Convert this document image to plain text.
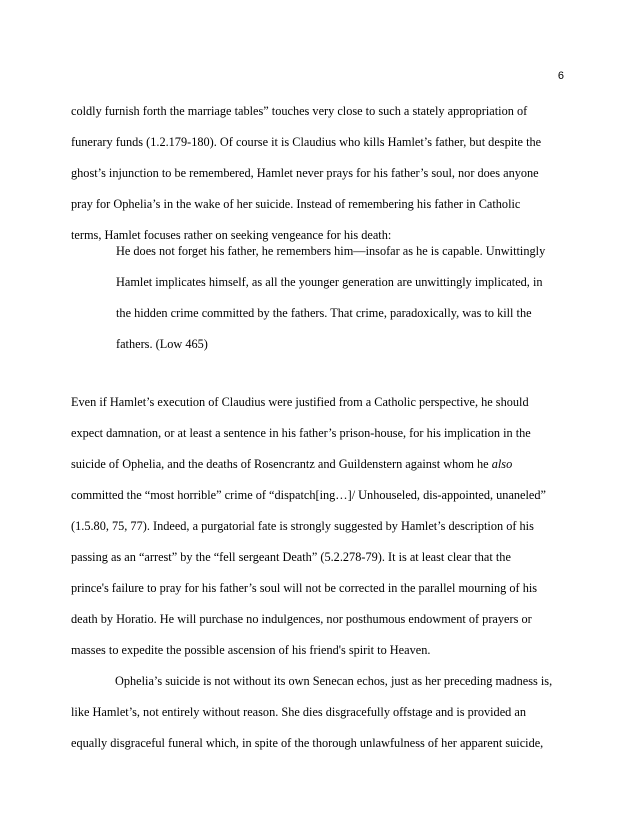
6
coldly furnish forth the marriage tables” touches very close to such a stately appropriation of
funerary funds (1.2.179-180). Of course it is Claudius who kills Hamlet’s father, but despite the
ghost’s injunction to be remembered, Hamlet never prays for his father’s soul, nor does anyone
pray for Ophelia’s in the wake of her suicide. Instead of remembering his father in Catholic
terms, Hamlet focuses rather on seeking vengeance for his death:
He does not forget his father, he remembers him—insofar as he is capable. Unwittingly
Hamlet implicates himself, as all the younger generation are unwittingly implicated, in
the hidden crime committed by the fathers. That crime, paradoxically, was to kill the
fathers. (Low 465)
Even if Hamlet’s execution of Claudius were justified from a Catholic perspective, he should
expect damnation, or at least a sentence in his father’s prison-house, for his implication in the
suicide of Ophelia, and the deaths of Rosencrantz and Guildenstern against whom he also
committed the “most horrible” crime of “dispatch[ing…]/ Unhouseled, dis-appointed, unaneled”
(1.5.80, 75, 77). Indeed, a purgatorial fate is strongly suggested by Hamlet’s description of his
passing as an “arrest” by the “fell sergeant Death” (5.2.278-79). It is at least clear that the
prince's failure to pray for his father’s soul will not be corrected in the parallel mourning of his
death by Horatio. He will purchase no indulgences, nor posthumous endowment of prayers or
masses to expedite the possible ascension of his friend's spirit to Heaven.
Ophelia’s suicide is not without its own Senecan echos, just as her preceding madness is,
like Hamlet’s, not entirely without reason. She dies disgracefully offstage and is provided an
equally disgraceful funeral which, in spite of the thorough unlawfulness of her apparent suicide,
